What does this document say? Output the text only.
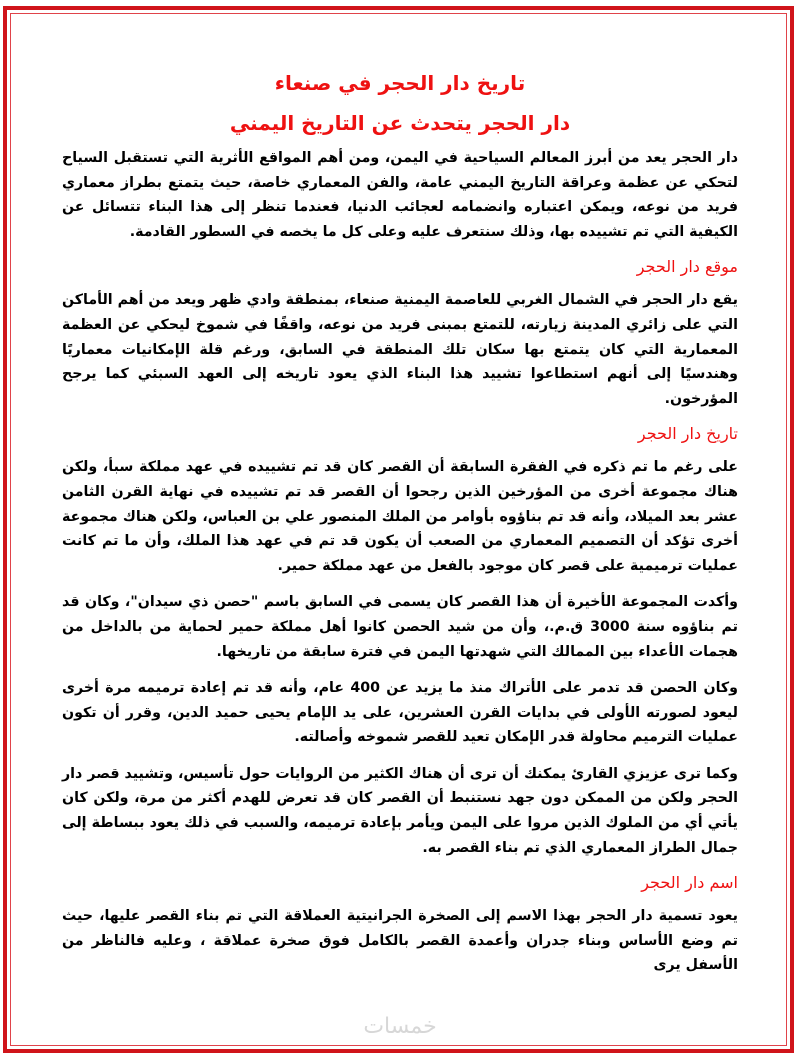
تاريخ دار الحجر في صنعاء
دار الحجر يتحدث عن التاريخ اليمني

دار الحجر يعد من أبرز المعالم السياحية في اليمن، ومن أهم المواقع الأثرية التي تستقبل السياح لتحكي عن عظمة وعراقة التاريخ اليمني عامة، والفن المعماري خاصة، حيث يتمتع بطراز معماري فريد من نوعه، ويمكن اعتباره وانضمامه لعجائب الدنيا، فعندما تنظر إلى هذا البناء تتسائل عن الكيفية التي تم تشييده بها، وذلك سنتعرف عليه وعلى كل ما يخصه في السطور القادمة.

موقع دار الحجر

يقع دار الحجر في الشمال الغربي للعاصمة اليمنية صنعاء، بمنطقة وادي ظهر ويعد من أهم الأماكن التي على زائري المدينة زيارته، للتمتع بمبنى فريد من نوعه، واقفًا في شموخ ليحكي عن العظمة المعمارية التي كان يتمتع بها سكان تلك المنطقة في السابق، ورغم قلة الإمكانيات معماريًا وهندسيًا إلى أنهم استطاعوا تشييد هذا البناء الذي يعود تاريخه إلى العهد السبئي كما يرجح المؤرخون.

تاريخ دار الحجر

على رغم ما تم ذكره في الفقرة السابقة أن القصر كان قد تم تشييده في عهد مملكة سبأ، ولكن هناك مجموعة أخرى من المؤرخين الذين رجحوا أن القصر قد تم تشييده في نهاية القرن الثامن عشر بعد الميلاد، وأنه قد تم بناؤوه بأوامر من الملك المنصور علي بن العباس، ولكن هناك مجموعة أخرى تؤكد أن التصميم المعماري من الصعب أن يكون قد تم في عهد هذا الملك، وأن ما تم كانت عمليات ترميمية على قصر كان موجود بالفعل من عهد مملكة حمير.

وأكدت المجموعة الأخيرة أن هذا القصر كان يسمى في السابق باسم "حصن ذي سيدان"، وكان قد تم بناؤوه سنة 3000 ق.م.، وأن من شيد الحصن كانوا أهل مملكة حمير لحماية من بالداخل من هجمات الأعداء بين الممالك التي شهدتها اليمن في فترة سابقة من تاريخها.

وكان الحصن قد تدمر على الأتراك منذ ما يزيد عن 400 عام، وأنه قد تم إعادة ترميمه مرة أخرى ليعود لصورته الأولى في بدايات القرن العشرين، على يد الإمام يحيى حميد الدين، وقرر أن تكون عمليات الترميم محاولة قدر الإمكان تعيد للقصر شموخه وأصالته.

وكما ترى عزيزي القارئ يمكنك أن ترى أن هناك الكثير من الروايات حول تأسيس، وتشييد قصر دار الحجر ولكن من الممكن دون جهد نستنبط أن القصر كان قد تعرض للهدم أكثر من مرة، ولكن كان يأتي أي من الملوك الذين مروا على اليمن ويأمر بإعادة ترميمه، والسبب في ذلك يعود ببساطة إلى جمال الطراز المعماري الذي تم بناء القصر به.

اسم دار الحجر

يعود تسمية دار الحجر بهذا الاسم إلى الصخرة الجرانيتية العملاقة التي تم بناء القصر عليها، حيث تم وضع الأساس وبناء جدران وأعمدة القصر بالكامل فوق صخرة عملاقة ، وعليه فالناظر من الأسفل يرى

خمسات
